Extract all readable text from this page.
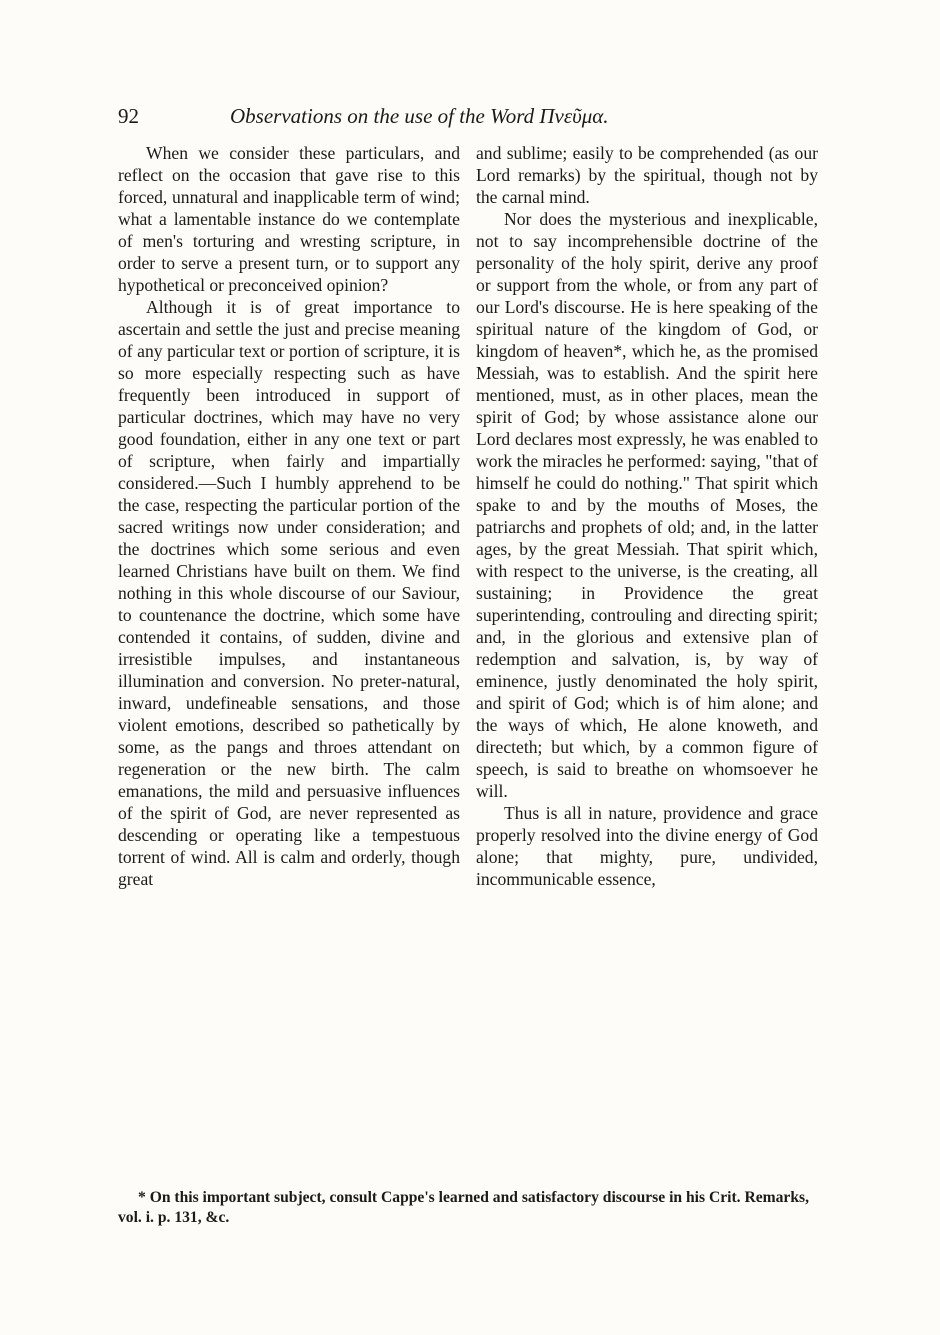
92	Observations on the use of the Word Πνεῦμα.

When we consider these particulars, and reflect on the occasion that gave rise to this forced, unnatural and inapplicable term of wind; what a lamentable instance do we contemplate of men's torturing and wresting scripture, in order to serve a present turn, or to support any hypothetical or preconceived opinion?

Although it is of great importance to ascertain and settle the just and precise meaning of any particular text or portion of scripture, it is so more especially respecting such as have frequently been introduced in support of particular doctrines, which may have no very good foundation, either in any one text or part of scripture, when fairly and impartially considered.—Such I humbly apprehend to be the case, respecting the particular portion of the sacred writings now under consideration; and the doctrines which some serious and even learned Christians have built on them. We find nothing in this whole discourse of our Saviour, to countenance the doctrine, which some have contended it contains, of sudden, divine and irresistible impulses, and instantaneous illumination and conversion. No preter-natural, inward, undefineable sensations, and those violent emotions, described so pathetically by some, as the pangs and throes attendant on regeneration or the new birth. The calm emanations, the mild and persuasive influences of the spirit of God, are never represented as descending or operating like a tempestuous torrent of wind. All is calm and orderly, though great

and sublime; easily to be comprehended (as our Lord remarks) by the spiritual, though not by the carnal mind.

Nor does the mysterious and inexplicable, not to say incomprehensible doctrine of the personality of the holy spirit, derive any proof or support from the whole, or from any part of our Lord's discourse. He is here speaking of the spiritual nature of the kingdom of God, or kingdom of heaven*, which he, as the promised Messiah, was to establish. And the spirit here mentioned, must, as in other places, mean the spirit of God; by whose assistance alone our Lord declares most expressly, he was enabled to work the miracles he performed: saying, "that of himself he could do nothing." That spirit which spake to and by the mouths of Moses, the patriarchs and prophets of old; and, in the latter ages, by the great Messiah. That spirit which, with respect to the universe, is the creating, all sustaining; in Providence the great superintending, controuling and directing spirit; and, in the glorious and extensive plan of redemption and salvation, is, by way of eminence, justly denominated the holy spirit, and spirit of God; which is of him alone; and the ways of which, He alone knoweth, and directeth; but which, by a common figure of speech, is said to breathe on whomsoever he will.

Thus is all in nature, providence and grace properly resolved into the divine energy of God alone; that mighty, pure, undivided, incommunicable essence,

* On this important subject, consult Cappe's learned and satisfactory discourse in his Crit. Remarks, vol. i. p. 131, &c.
